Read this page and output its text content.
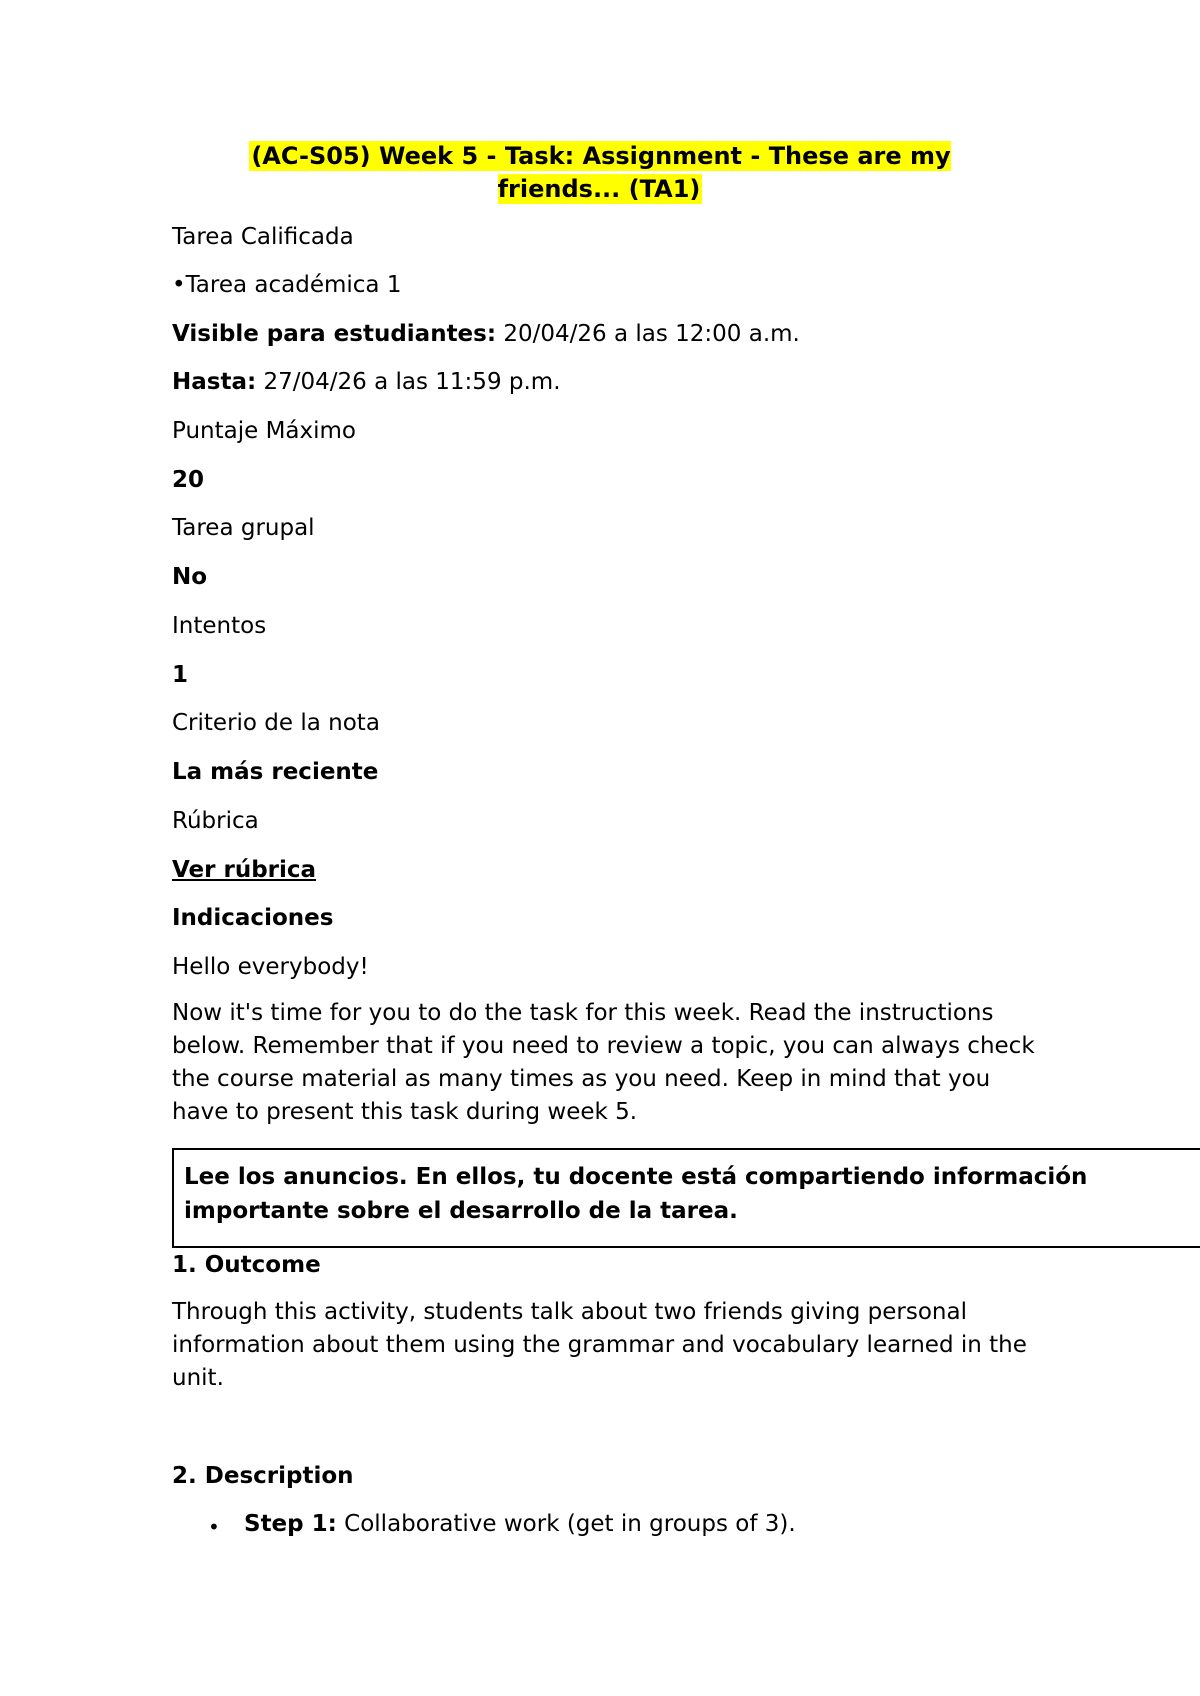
(AC-S05) Week 5 - Task: Assignment - These are my friends... (TA1)
Tarea Calificada
•Tarea académica 1
Visible para estudiantes: 20/04/26 a las 12:00 a.m.
Hasta: 27/04/26 a las 11:59 p.m.
Puntaje Máximo
20
Tarea grupal
No
Intentos
1
Criterio de la nota
La más reciente
Rúbrica
Ver rúbrica
Indicaciones
Hello everybody!
Now it's time for you to do the task for this week. Read the instructions below. Remember that if you need to review a topic, you can always check the course material as many times as you need. Keep in mind that you have to present this task during week 5.
Lee los anuncios. En ellos, tu docente está compartiendo información importante sobre el desarrollo de la tarea.
1. Outcome
Through this activity, students talk about two friends giving personal information about them using the grammar and vocabulary learned in the unit.
2. Description
• Step 1: Collaborative work (get in groups of 3).
